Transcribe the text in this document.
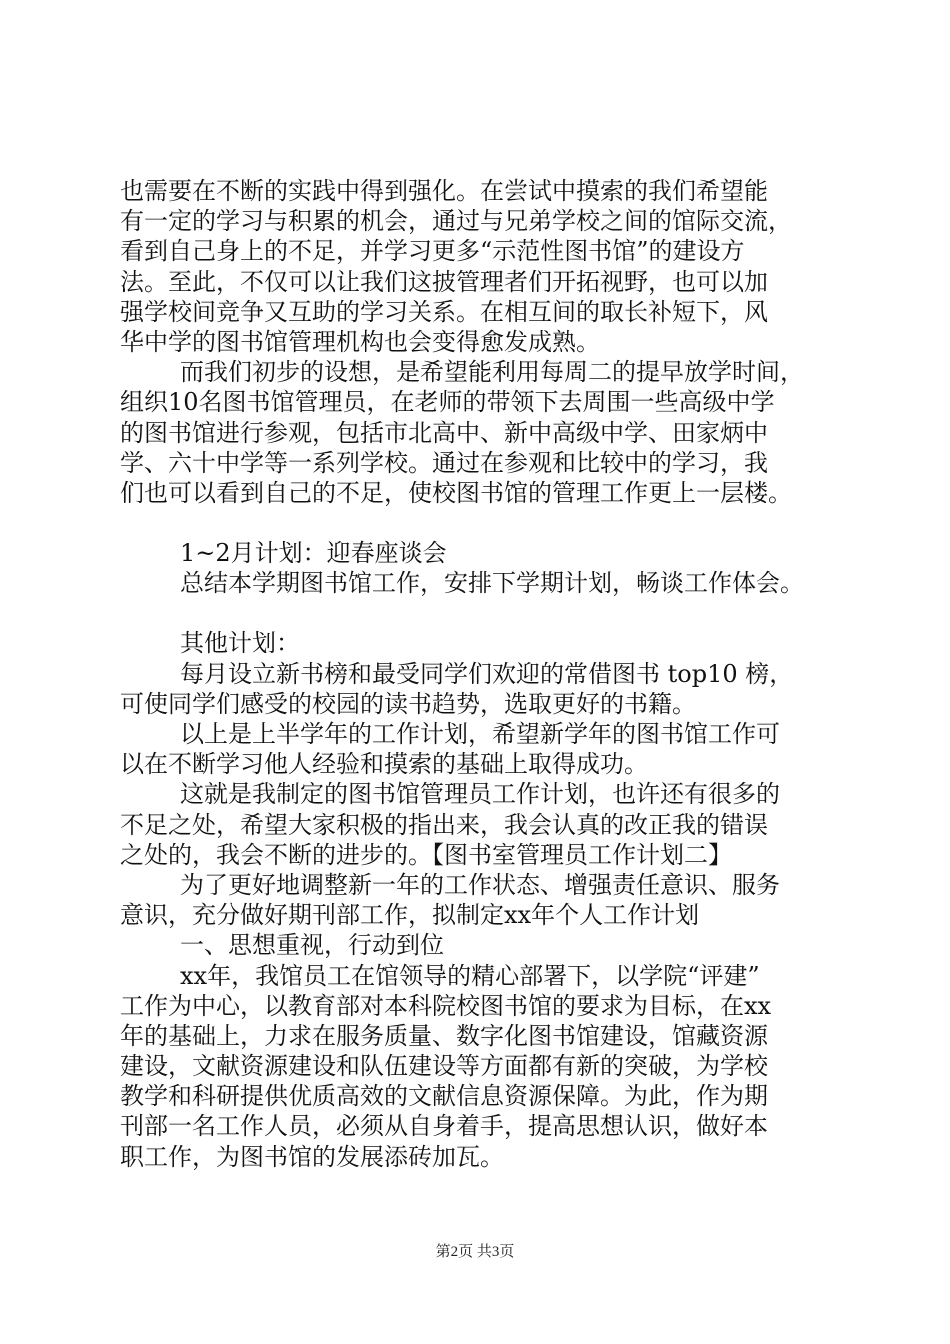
也需要在不断的实践中得到强化。在尝试中摸索的我们希望能
有一定的学习与积累的机会，通过与兄弟学校之间的馆际交流，
看到自己身上的不足，并学习更多“示范性图书馆”的建设方
法。至此，不仅可以让我们这披管理者们开拓视野，也可以加
强学校间竞争又互助的学习关系。在相互间的取长补短下，风
华中学的图书馆管理机构也会变得愈发成熟。
而我们初步的设想，是希望能利用每周二的提早放学时间，
组织10名图书馆管理员，在老师的带领下去周围一些高级中学
的图书馆进行参观，包括市北高中、新中高级中学、田家炳中
学、六十中学等一系列学校。通过在参观和比较中的学习，我
们也可以看到自己的不足，使校图书馆的管理工作更上一层楼。
1~2月计划：迎春座谈会
总结本学期图书馆工作，安排下学期计划，畅谈工作体会。
其他计划：
每月设立新书榜和最受同学们欢迎的常借图书 top10 榜，
可使同学们感受的校园的读书趋势，选取更好的书籍。
以上是上半学年的工作计划，希望新学年的图书馆工作可
以在不断学习他人经验和摸索的基础上取得成功。
这就是我制定的图书馆管理员工作计划，也许还有很多的
不足之处，希望大家积极的指出来，我会认真的改正我的错误
之处的，我会不断的进步的。【图书室管理员工作计划二】
为了更好地调整新一年的工作状态、增强责任意识、服务
意识，充分做好期刊部工作，拟制定xx年个人工作计划
一、思想重视，行动到位
xx年，我馆员工在馆领导的精心部署下，以学院“评建”
工作为中心，以教育部对本科院校图书馆的要求为目标，在xx
年的基础上，力求在服务质量、数字化图书馆建设，馆藏资源
建设，文献资源建设和队伍建设等方面都有新的突破，为学校
教学和科研提供优质高效的文献信息资源保障。为此，作为期
刊部一名工作人员，必须从自身着手，提高思想认识，做好本
职工作，为图书馆的发展添砖加瓦。
第2页 共3页
